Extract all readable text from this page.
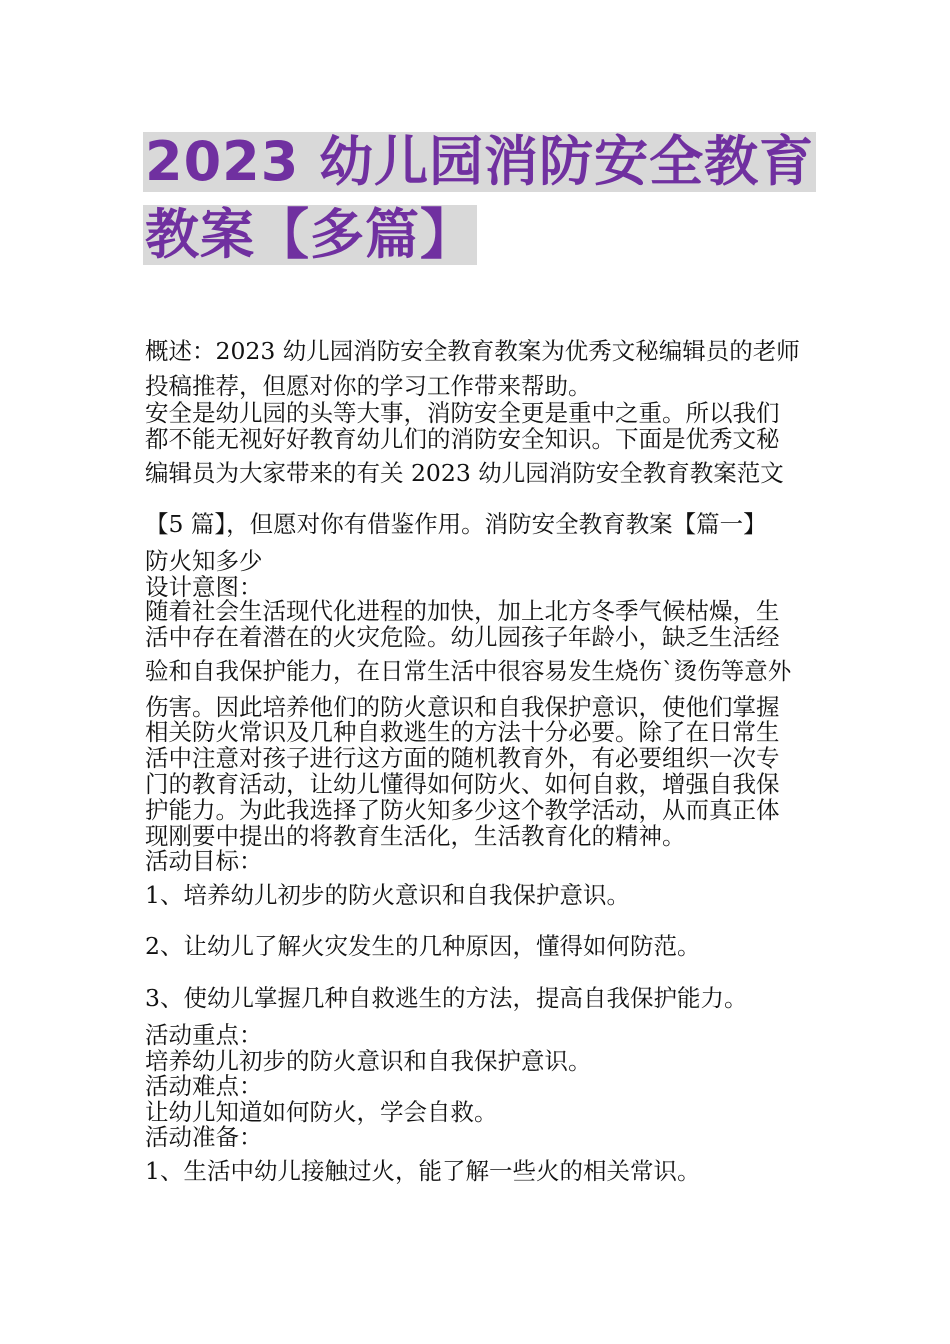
2023 幼儿园消防安全教育
教案【多篇】
概述：2023 幼儿园消防安全教育教案为优秀文秘编辑员的老师
投稿推荐，但愿对你的学习工作带来帮助。
安全是幼儿园的头等大事，消防安全更是重中之重。所以我们
都不能无视好好教育幼儿们的消防安全知识。下面是优秀文秘
编辑员为大家带来的有关 2023 幼儿园消防安全教育教案范文
【5 篇】，但愿对你有借鉴作用。消防安全教育教案【篇一】
防火知多少
设计意图：
随着社会生活现代化进程的加快，加上北方冬季气候枯燥，生
活中存在着潜在的火灾危险。幼儿园孩子年龄小，缺乏生活经
验和自我保护能力，在日常生活中很容易发生烧伤`烫伤等意外
伤害。因此培养他们的防火意识和自我保护意识，使他们掌握
相关防火常识及几种自救逃生的方法十分必要。除了在日常生
活中注意对孩子进行这方面的随机教育外，有必要组织一次专
门的教育活动，让幼儿懂得如何防火、如何自救，增强自我保
护能力。为此我选择了防火知多少这个教学活动，从而真正体
现刚要中提出的将教育生活化，生活教育化的精神。
活动目标：
1、培养幼儿初步的防火意识和自我保护意识。
2、让幼儿了解火灾发生的几种原因，懂得如何防范。
3、使幼儿掌握几种自救逃生的方法，提高自我保护能力。
活动重点：
培养幼儿初步的防火意识和自我保护意识。
活动难点：
让幼儿知道如何防火，学会自救。
活动准备：
1、生活中幼儿接触过火，能了解一些火的相关常识。
